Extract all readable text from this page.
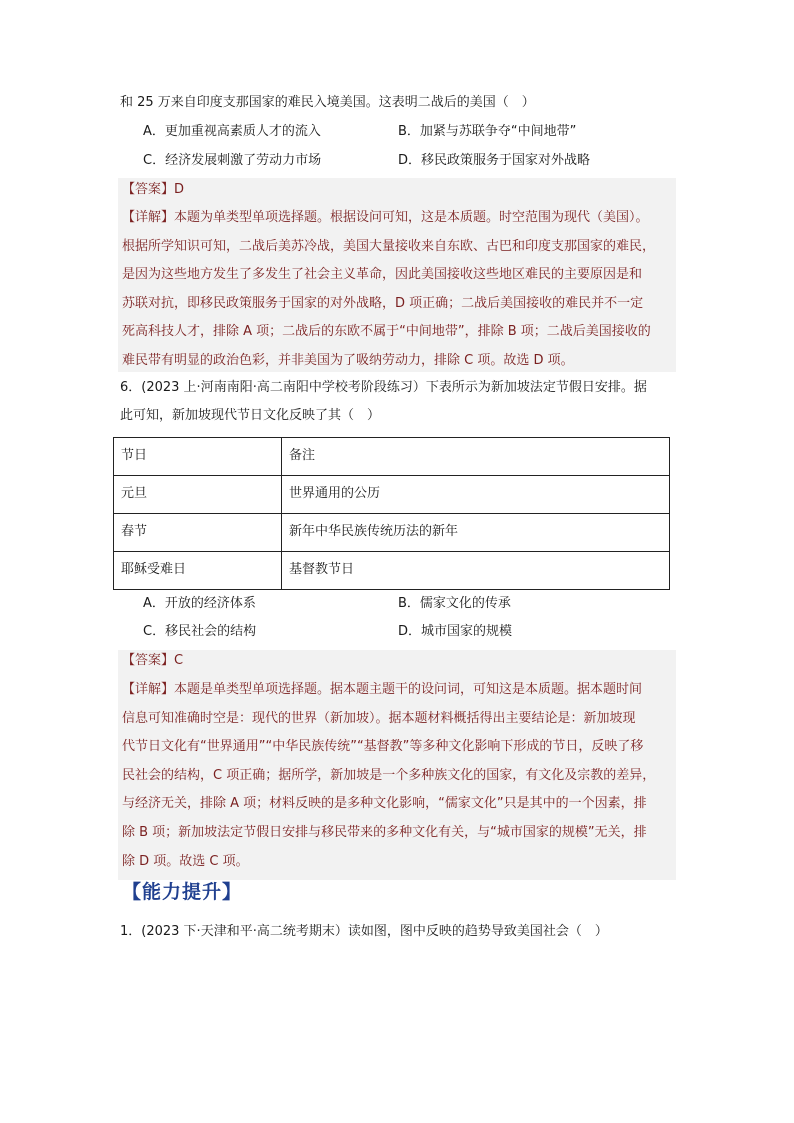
和 25 万来自印度支那国家的难民入境美国。这表明二战后的美国（　）
A．更加重视高素质人才的流入	B．加紧与苏联争夺“中间地带”
C．经济发展刺激了劳动力市场	D．移民政策服务于国家对外战略
【答案】D
【详解】本题为单类型单项选择题。根据设问可知，这是本质题。时空范围为现代（美国）。
根据所学知识可知，二战后美苏冷战，美国大量接收来自东欧、古巴和印度支那国家的难民，
是因为这些地方发生了多发生了社会主义革命，因此美国接收这些地区难民的主要原因是和
苏联对抗，即移民政策服务于国家的对外战略，D 项正确；二战后美国接收的难民并不一定
死高科技人才，排除 A 项；二战后的东欧不属于“中间地带”，排除 B 项；二战后美国接收的
难民带有明显的政治色彩，并非美国为了吸纳劳动力，排除 C 项。故选 D 项。
6．(2023 上·河南南阳·高二南阳中学校考阶段练习）下表所示为新加坡法定节假日安排。据
此可知，新加坡现代节日文化反映了其（　）
节日	备注
元旦	世界通用的公历
春节	新年中华民族传统历法的新年
耶稣受难日	基督教节日
A．开放的经济体系	B．儒家文化的传承
C．移民社会的结构	D．城市国家的规模
【答案】C
【详解】本题是单类型单项选择题。据本题主题干的设问词，可知这是本质题。据本题时间
信息可知准确时空是：现代的世界（新加坡）。据本题材料概括得出主要结论是：新加坡现
代节日文化有“世界通用”“中华民族传统”“基督教”等多种文化影响下形成的节日，反映了移
民社会的结构，C 项正确；据所学，新加坡是一个多种族文化的国家，有文化及宗教的差异，
与经济无关，排除 A 项；材料反映的是多种文化影响，“儒家文化”只是其中的一个因素，排
除 B 项；新加坡法定节假日安排与移民带来的多种文化有关，与“城市国家的规模”无关，排
除 D 项。故选 C 项。
【能力提升】
1．(2023 下·天津和平·高二统考期末）读如图，图中反映的趋势导致美国社会（　）
